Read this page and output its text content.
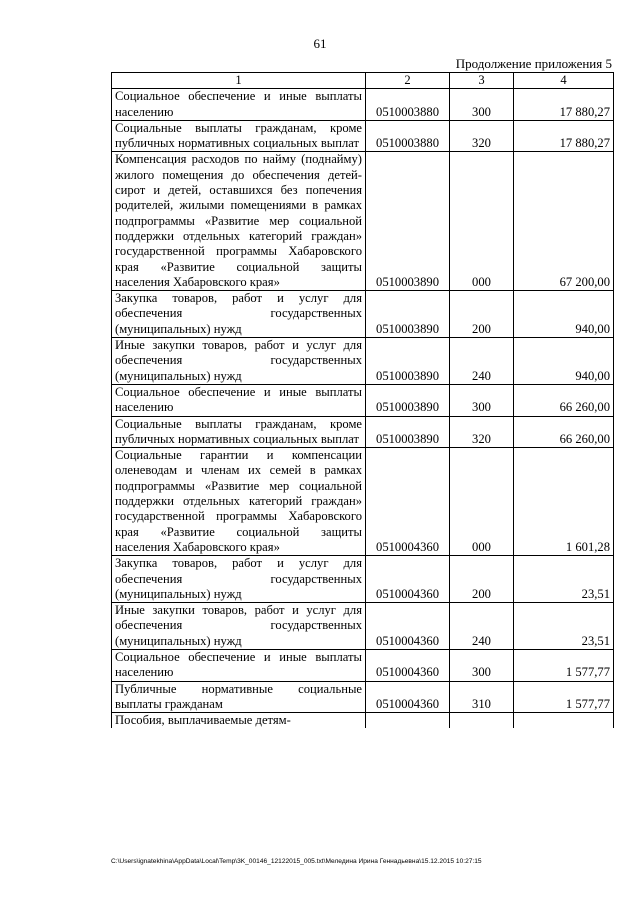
61
Продолжение приложения 5
1	2	3	4
Социальное обеспечение и иные выплаты населению	0510003880	300	17 880,27
Социальные выплаты гражданам, кроме публичных нормативных социальных выплат	0510003880	320	17 880,27
Компенсация расходов по найму (поднайму) жилого помещения до обеспечения детей-сирот и детей, оставшихся без попечения родителей, жилыми помещениями в рамках подпрограммы «Развитие мер социальной поддержки отдельных категорий граждан» государственной программы Хабаровского края «Развитие социальной защиты населения Хабаровского края»	0510003890	000	67 200,00
Закупка товаров, работ и услуг для обеспечения государственных (муниципальных) нужд	0510003890	200	940,00
Иные закупки товаров, работ и услуг для обеспечения государственных (муниципальных) нужд	0510003890	240	940,00
Социальное обеспечение и иные выплаты населению	0510003890	300	66 260,00
Социальные выплаты гражданам, кроме публичных нормативных социальных выплат	0510003890	320	66 260,00
Социальные гарантии и компенсации оленеводам и членам их семей в рамках подпрограммы «Развитие мер социальной поддержки отдельных категорий граждан» государственной программы Хабаровского края «Развитие социальной защиты населения Хабаровского края»	0510004360	000	1 601,28
Закупка товаров, работ и услуг для обеспечения государственных (муниципальных) нужд	0510004360	200	23,51
Иные закупки товаров, работ и услуг для обеспечения государственных (муниципальных) нужд	0510004360	240	23,51
Социальное обеспечение и иные выплаты населению	0510004360	300	1 577,77
Публичные нормативные социальные выплаты гражданам	0510004360	310	1 577,77
Пособия, выплачиваемые детям-			
C:\Users\ignatekhina\AppData\Local\Temp\3K_00146_12122015_005.txt\Меледина Ирина Геннадьевна\15.12.2015 10:27:15
